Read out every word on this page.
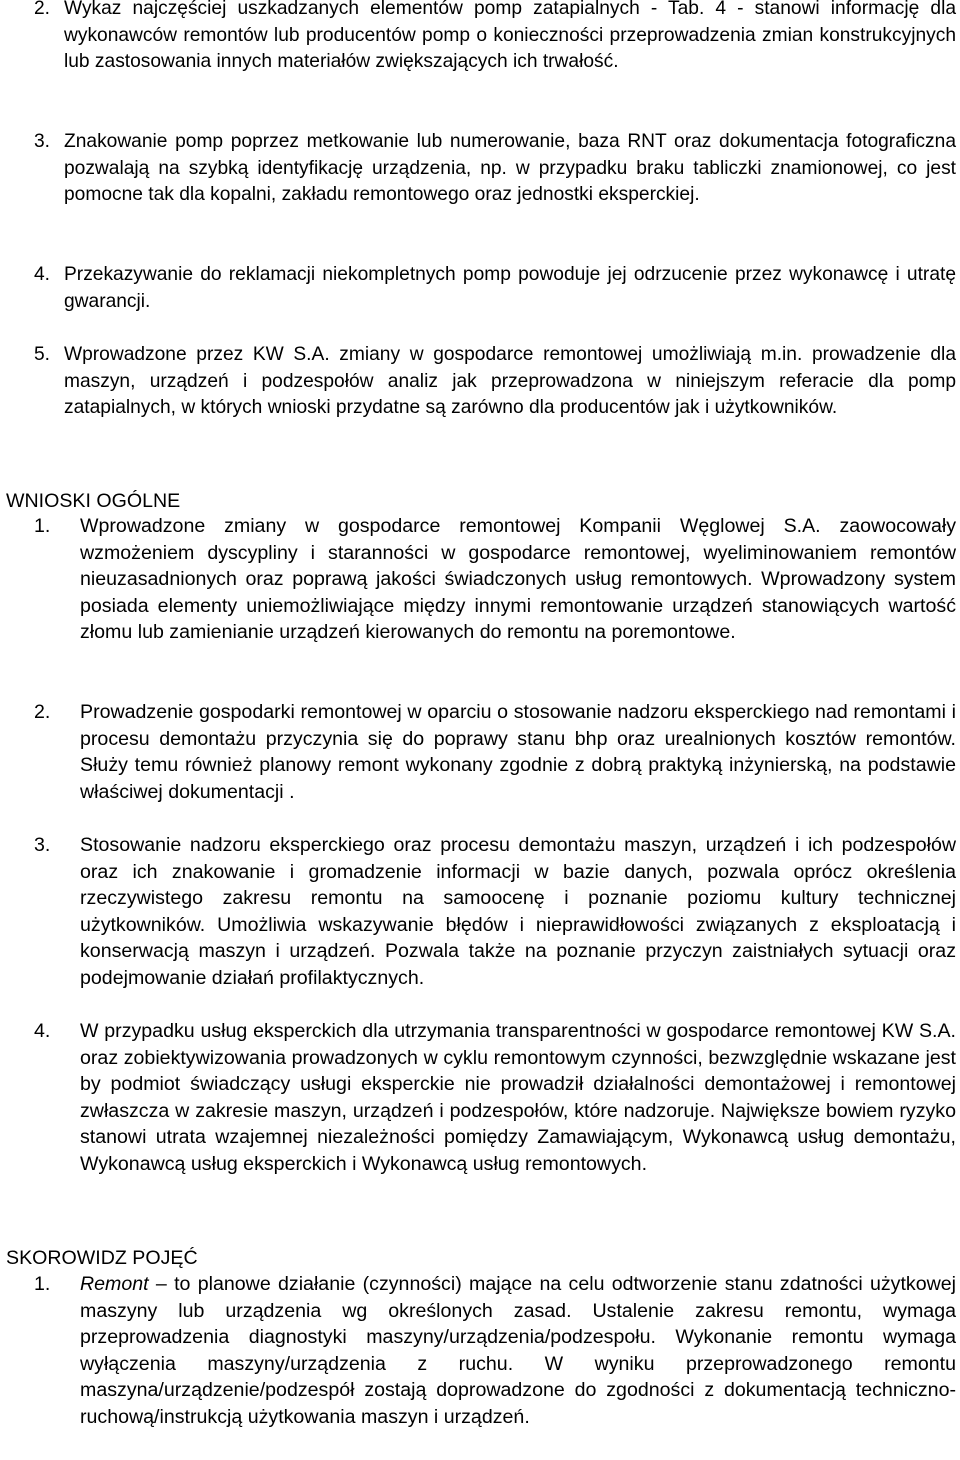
2. Wykaz najczęściej uszkadzanych elementów pomp zatapialnych - Tab. 4 - stanowi informację dla wykonawców remontów lub producentów pomp o konieczności przeprowadzenia zmian konstrukcyjnych lub zastosowania innych materiałów zwiększających ich trwałość.
3. Znakowanie pomp poprzez metkowanie lub numerowanie, baza RNT oraz dokumentacja fotograficzna pozwalają na szybką identyfikację urządzenia, np. w przypadku braku tabliczki znamionowej, co jest pomocne tak dla kopalni, zakładu remontowego oraz jednostki eksperckiej.
4. Przekazywanie do reklamacji niekompletnych pomp powoduje jej odrzucenie przez wykonawcę i utratę gwarancji.
5. Wprowadzone przez KW S.A. zmiany w gospodarce remontowej umożliwiają m.in. prowadzenie dla maszyn, urządzeń i podzespołów analiz jak przeprowadzona w niniejszym referacie dla pomp zatapialnych, w których wnioski przydatne są zarówno dla producentów jak i użytkowników.
WNIOSKI OGÓLNE
1. Wprowadzone zmiany w gospodarce remontowej Kompanii Węglowej S.A. zaowocowały wzmożeniem dyscypliny i staranności w gospodarce remontowej, wyeliminowaniem remontów nieuzasadnionych oraz poprawą jakości świadczonych usług remontowych. Wprowadzony system posiada elementy uniemożliwiające między innymi remontowanie urządzeń stanowiących wartość złomu lub zamienianie urządzeń kierowanych do remontu na poremontowe.
2. Prowadzenie gospodarki remontowej w oparciu o stosowanie nadzoru eksperckiego nad remontami i procesu demontażu przyczynia się do poprawy stanu bhp oraz urealnionych kosztów remontów. Służy temu również planowy remont wykonany zgodnie z dobrą praktyką inżynierską, na podstawie właściwej dokumentacji .
3. Stosowanie nadzoru eksperckiego oraz procesu demontażu maszyn, urządzeń i ich podzespołów oraz ich znakowanie i gromadzenie informacji w bazie danych, pozwala oprócz określenia rzeczywistego zakresu remontu na samoocenę i poznanie poziomu kultury technicznej użytkowników. Umożliwia wskazywanie błędów i nieprawidłowości związanych z eksploatacją i konserwacją maszyn i urządzeń. Pozwala także na poznanie przyczyn zaistniałych sytuacji oraz podejmowanie działań profilaktycznych.
4. W przypadku usług eksperckich dla utrzymania transparentności w gospodarce remontowej KW S.A. oraz zobiektywizowania prowadzonych w cyklu remontowym czynności, bezwzględnie wskazane jest by podmiot świadczący usługi eksperckie nie prowadził działalności demontażowej i remontowej zwłaszcza w zakresie maszyn, urządzeń i podzespołów, które nadzoruje. Największe bowiem ryzyko stanowi utrata wzajemnej niezależności pomiędzy Zamawiającym, Wykonawcą usług demontażu, Wykonawcą usług eksperckich i Wykonawcą usług remontowych.
SKOROWIDZ POJĘĆ
1. Remont – to planowe działanie (czynności) mające na celu odtworzenie stanu zdatności użytkowej maszyny lub urządzenia wg określonych zasad. Ustalenie zakresu remontu, wymaga przeprowadzenia diagnostyki maszyny/urządzenia/podzespołu. Wykonanie remontu wymaga wyłączenia maszyny/urządzenia z ruchu. W wyniku przeprowadzonego remontu maszyna/urządzenie/podzespół zostają doprowadzone do zgodności z dokumentacją techniczno-ruchową/instrukcją użytkowania maszyn i urządzeń.
